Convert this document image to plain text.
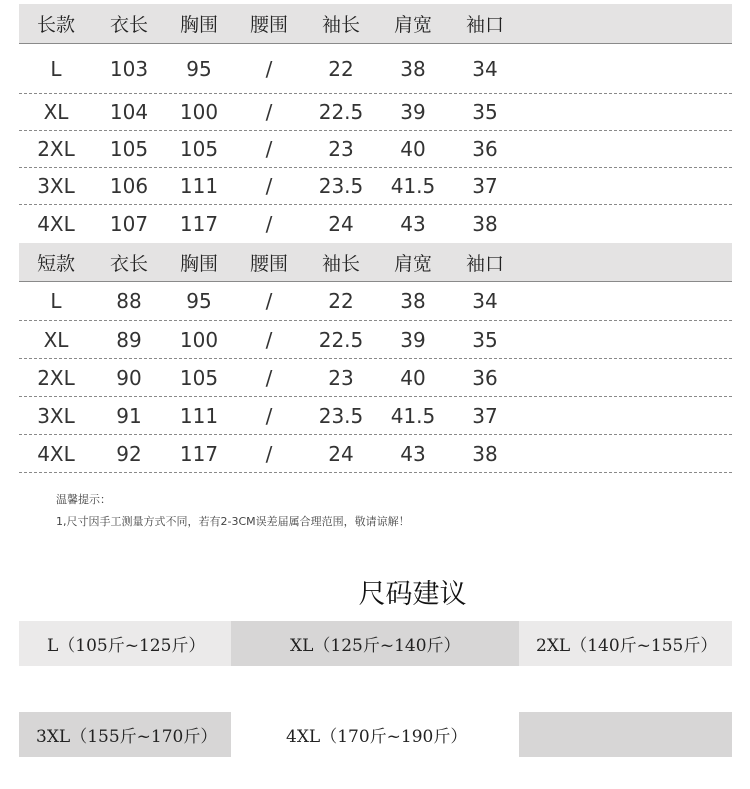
长款	衣长	胸围	腰围	袖长	肩宽	袖口
L	103	95	/	22	38	34
XL	104	100	/	22.5	39	35
2XL	105	105	/	23	40	36
3XL	106	111	/	23.5	41.5	37
4XL	107	117	/	24	43	38
短款	衣长	胸围	腰围	袖长	肩宽	袖口
L	88	95	/	22	38	34
XL	89	100	/	22.5	39	35
2XL	90	105	/	23	40	36
3XL	91	111	/	23.5	41.5	37
4XL	92	117	/	24	43	38
温馨提示：
1,尺寸因手工测量方式不同，若有2-3CM误差届属合理范围，敬请谅解！
尺码建议
L（105斤~125斤）	XL（125斤~140斤）	2XL（140斤~155斤）
3XL（155斤~170斤）	4XL（170斤~190斤）
